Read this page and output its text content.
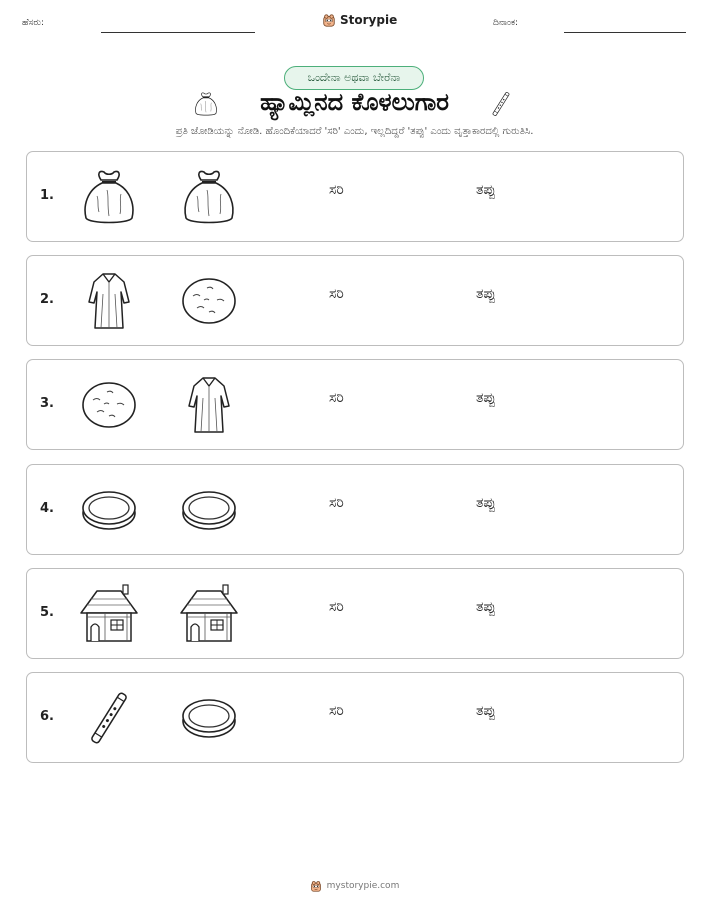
ಹೆಸರು:	Storypie	ದಿನಾಂಕ:
ಒಂದೇನಾ ಅಥವಾ ಬೇರೆನಾ
ಹ್ಯಾಮ್ಲಿನದ ಕೊಳಲುಗಾರ
ಪ್ರತಿ ಜೋಡಿಯನ್ನು ನೋಡಿ. ಹೊಂದಿಕೆಯಾದರೆ 'ಸರಿ' ಎಂದು, ಇಲ್ಲದಿದ್ದರೆ 'ತಪ್ಪು' ಎಂದು ವೃತ್ತಾಕಾರದಲ್ಲಿ ಗುರುತಿಸಿ.
1.	ಸರಿ	ತಪ್ಪು
2.	ಸರಿ	ತಪ್ಪು
3.	ಸರಿ	ತಪ್ಪು
4.	ಸರಿ	ತಪ್ಪು
5.	ಸರಿ	ತಪ್ಪು
6.	ಸರಿ	ತಪ್ಪು
mystorypie.com
